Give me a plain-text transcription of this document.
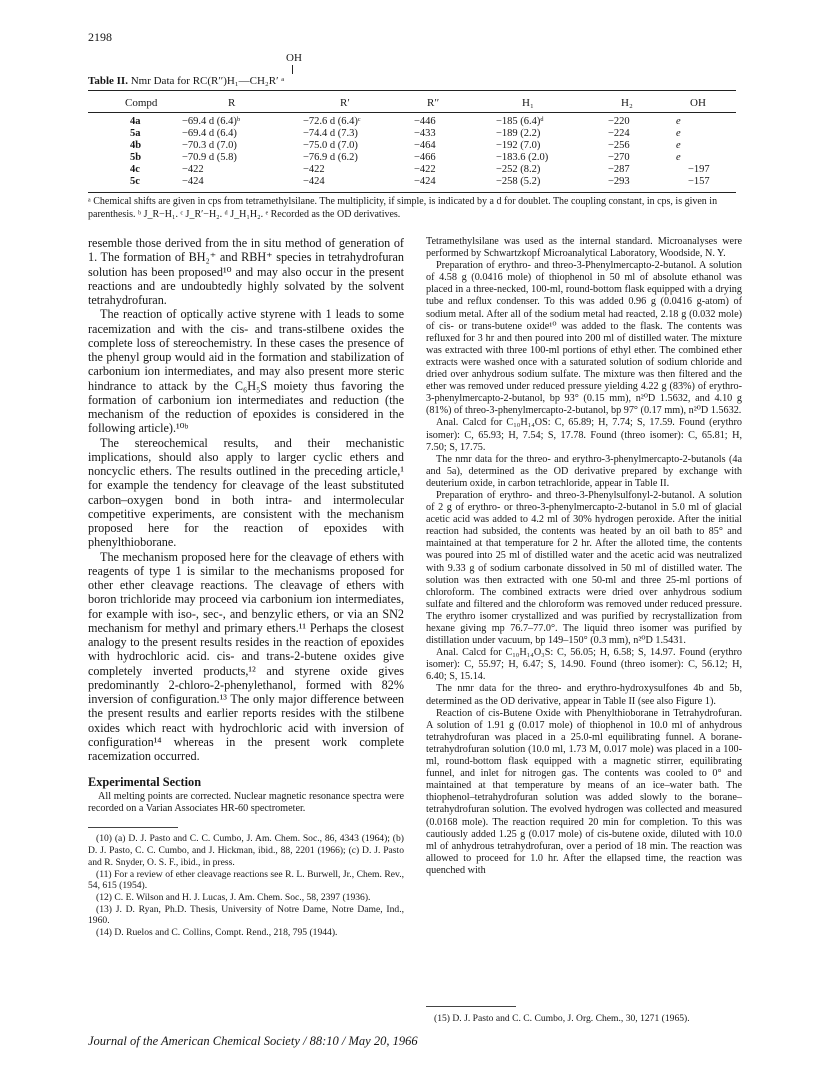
2198
OH
Table II. Nmr Data for RC(R′′)H₁—CH₂R′ ᵃ
Compd	R	R′	R′′	H₁	H₂	OH
ᵃ Chemical shifts are given in cps from tetramethylsilane. The multiplicity, if simple, is indicated by a d for doublet. The coupling constant, in cps, is given in parenthesis. ᵇ J_R−H₁. ᶜ J_R′−H₂. ᵈ J_H₁H₂. ᵉ Recorded as the OD derivatives.

resemble those derived from the in situ method of generation of 1. The formation of BH₂⁺ and RBH⁺ species in tetrahydrofuran solution has been proposed¹⁰ and may also occur in the present reactions and are undoubtedly highly solvated by the solvent tetrahydrofuran.

The reaction of optically active styrene with 1 leads to some racemization and with the cis- and trans-stilbene oxides the complete loss of stereochemistry. In these cases the presence of the phenyl group would aid in the formation and stabilization of carbonium ion intermediates, and may also present more steric hindrance to attack by the C₆H₅S moiety thus favoring the formation of carbonium ion intermediates and reduction (the mechanism of the reduction of epoxides is considered in the following article).¹⁰ᵇ

The stereochemical results, and their mechanistic implications, should also apply to larger cyclic ethers and noncyclic ethers. The results outlined in the preceding article,¹ for example the tendency for cleavage of the least substituted carbon–oxygen bond in both intra- and intermolecular competitive experiments, are consistent with the mechanism proposed here for the reaction of epoxides with phenylthioborane.

The mechanism proposed here for the cleavage of ethers with reagents of type 1 is similar to the mechanisms proposed for other ether cleavage reactions. The cleavage of ethers with boron trichloride may proceed via carbonium ion intermediates, for example with iso-, sec-, and benzylic ethers, or via an SN2 mechanism for methyl and primary ethers.¹¹ Perhaps the closest analogy to the present results resides in the reaction of epoxides with hydrochloric acid. cis- and trans-2-butene oxides give completely inverted products,¹² and styrene oxide gives predominantly 2-chloro-2-phenylethanol, formed with 82% inversion of configuration.¹³ The only major difference between the present results and earlier reports resides with the stilbene oxides which react with hydrochloric acid with inversion of configuration¹⁴ whereas in the present work complete racemization occurred.

Experimental Section

All melting points are corrected. Nuclear magnetic resonance spectra were recorded on a Varian Associates HR-60 spectrometer.

(10) (a) D. J. Pasto and C. C. Cumbo, J. Am. Chem. Soc., 86, 4343 (1964); (b) D. J. Pasto, C. C. Cumbo, and J. Hickman, ibid., 88, 2201 (1966); (c) D. J. Pasto and R. Snyder, O. S. F., ibid., in press.

(11) For a review of ether cleavage reactions see R. L. Burwell, Jr., Chem. Rev., 54, 615 (1954).

(12) C. E. Wilson and H. J. Lucas, J. Am. Chem. Soc., 58, 2397 (1936).

(13) J. D. Ryan, Ph.D. Thesis, University of Notre Dame, Notre Dame, Ind., 1960.

(14) D. Ruelos and C. Collins, Compt. Rend., 218, 795 (1944).

Tetramethylsilane was used as the internal standard. Microanalyses were performed by Schwartzkopf Microanalytical Laboratory, Woodside, N. Y.

Preparation of erythro- and threo-3-Phenylmercapto-2-butanol. A solution of 4.58 g (0.0416 mole) of thiophenol in 50 ml of absolute ethanol was placed in a three-necked, 100-ml, round-bottom flask equipped with a drying tube and reflux condenser. To this was added 0.96 g (0.0416 g-atom) of sodium metal. After all of the sodium metal had reacted, 2.18 g (0.032 mole) of cis- or trans-butene oxide¹⁰ was added to the flask. The contents was refluxed for 3 hr and then poured into 200 ml of distilled water. The mixture was extracted with three 100-ml portions of ethyl ether. The combined ether extracts were washed once with a saturated solution of sodium chloride and dried over anhydrous sodium sulfate. The mixture was then filtered and the ether was removed under reduced pressure yielding 4.22 g (83%) of erythro-3-phenylmercapto-2-butanol, bp 93° (0.15 mm), n²⁰D 1.5632, and 4.10 g (81%) of threo-3-phenylmercapto-2-butanol, bp 97° (0.17 mm), n²⁰D 1.5632.

Anal. Calcd for C₁₀H₁₄OS: C, 65.89; H, 7.74; S, 17.59. Found (erythro isomer): C, 65.93; H, 7.54; S, 17.78. Found (threo isomer): C, 65.81; H, 7.50; S, 17.75.

The nmr data for the threo- and erythro-3-phenylmercapto-2-butanols (4a and 5a), determined as the OD derivative prepared by exchange with deuterium oxide, in carbon tetrachloride, appear in Table II.

Preparation of erythro- and threo-3-Phenylsulfonyl-2-butanol. A solution of 2 g of erythro- or threo-3-phenylmercapto-2-butanol in 5.0 ml of glacial acetic acid was added to 4.2 ml of 30% hydrogen peroxide. After the initial reaction had subsided, the contents was heated by an oil bath to 85° and maintained at that temperature for 2 hr. After the alloted time, the contents was poured into 25 ml of distilled water and the acetic acid was neutralized with 9.33 g of sodium carbonate dissolved in 50 ml of distilled water. The solution was then extracted with one 50-ml and three 25-ml portions of chloroform. The combined extracts were dried over anhydrous sodium sulfate and filtered and the chloroform was removed under reduced pressure. The erythro isomer crystallized and was purified by recrystallization from hexane giving mp 76.7–77.0°. The liquid threo isomer was purified by distillation under vacuum, bp 149–150° (0.3 mm), n²⁰D 1.5431.

Anal. Calcd for C₁₀H₁₄O₃S: C, 56.05; H, 6.58; S, 14.97. Found (erythro isomer): C, 55.97; H, 6.47; S, 14.90. Found (threo isomer): C, 56.12; H, 6.40; S, 15.14.

The nmr data for the threo- and erythro-hydroxysulfones 4b and 5b, determined as the OD derivative, appear in Table II (see also Figure 1).

Reaction of cis-Butene Oxide with Phenylthioborane in Tetrahydrofuran. A solution of 1.91 g (0.017 mole) of thiophenol in 10.0 ml of anhydrous tetrahydrofuran was placed in a 25.0-ml equilibrating funnel. A borane-tetrahydrofuran solution (10.0 ml, 1.73 M, 0.017 mole) was placed in a 100-ml, round-bottom flask equipped with a magnetic stirrer, equilibrating funnel, and inlet for nitrogen gas. The contents was cooled to 0° and maintained at that temperature by means of an ice–water bath. The thiophenol–tetrahydrofuran solution was added slowly to the borane–tetrahydrofuran solution. The evolved hydrogen was collected and measured (0.0168 mole). The reaction required 20 min for completion. To this was cautiously added 1.25 g (0.017 mole) of cis-butene oxide, diluted with 10.0 ml of anhydrous tetrahydrofuran, over a period of 18 min. The reaction was allowed to proceed for 1.0 hr. After the ellapsed time, the reaction was quenched with

(15) D. J. Pasto and C. C. Cumbo, J. Org. Chem., 30, 1271 (1965).

Journal of the American Chemical Society / 88:10 / May 20, 1966
4a	−69.4 d (6.4)ᵇ	−72.6 d (6.4)ᶜ	−446	−185 (6.4)ᵈ	−220	e
5a	−69.4 d (6.4)	−74.4 d (7.3)	−433	−189 (2.2)	−224	e
4b	−70.3 d (7.0)	−75.0 d (7.0)	−464	−192 (7.0)	−256	e
5b	−70.9 d (5.8)	−76.9 d (6.2)	−466	−183.6 (2.0)	−270	e
4c	−422	−422	−422	−252 (8.2)	−287	−197
5c	−424	−424	−424	−258 (5.2)	−293	−157
